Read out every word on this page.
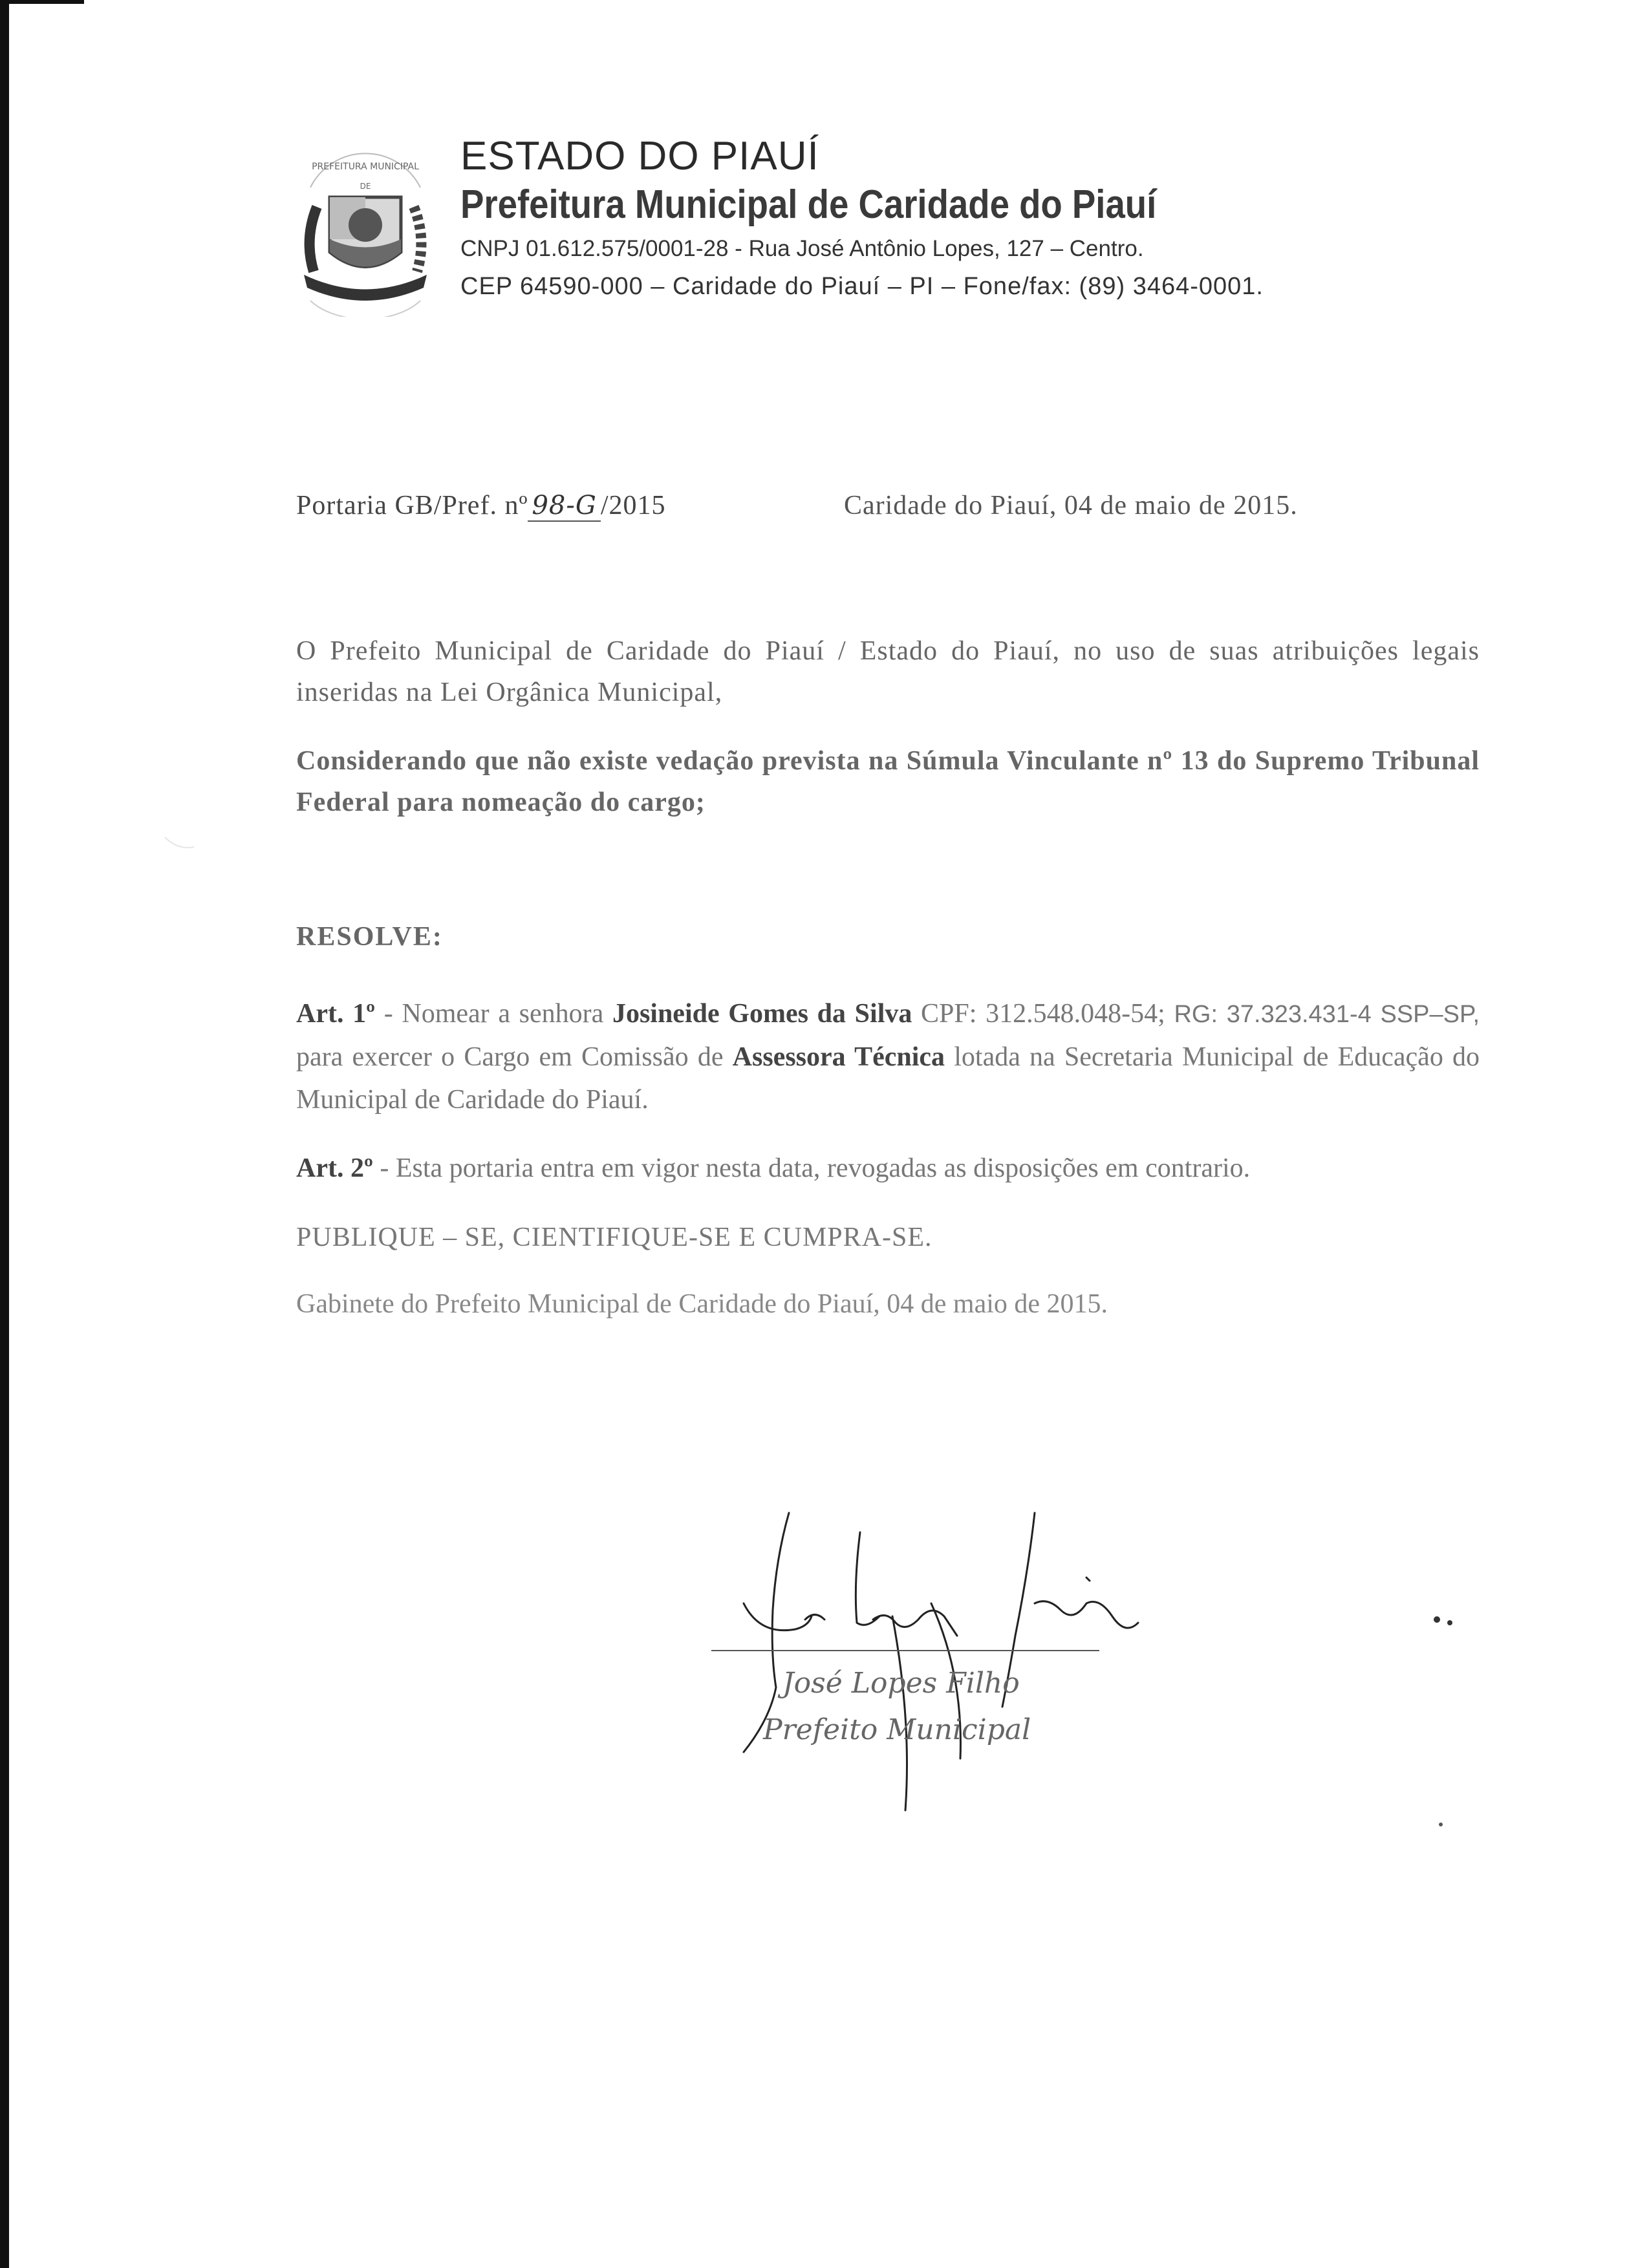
PREFEITURA MUNICIPAL
DE
ESTADO DO PIAUÍ
Prefeitura Municipal de Caridade do Piauí
CNPJ 01.612.575/0001-28 - Rua José Antônio Lopes, 127 – Centro.
CEP 64590-000 – Caridade do Piauí – PI – Fone/fax: (89) 3464-0001.
Portaria GB/Pref. nº 98-G /2015	Caridade do Piauí, 04 de maio de 2015.
O Prefeito Municipal de Caridade do Piauí / Estado do Piauí, no uso de suas atribuições legais inseridas na Lei Orgânica Municipal,
Considerando que não existe vedação prevista na Súmula Vinculante nº 13 do Supremo Tribunal Federal para nomeação do cargo;
RESOLVE:
Art. 1º - Nomear a senhora Josineide Gomes da Silva CPF: 312.548.048-54; RG: 37.323.431-4 SSP–SP, para exercer o Cargo em Comissão de Assessora Técnica lotada na Secretaria Municipal de Educação do Municipal de Caridade do Piauí.
Art. 2º - Esta portaria entra em vigor nesta data, revogadas as disposições em contrario.
PUBLIQUE – SE, CIENTIFIQUE-SE E CUMPRA-SE.
Gabinete do Prefeito Municipal de Caridade do Piauí, 04 de maio de 2015.
José Lopes Filho
Prefeito Municipal
